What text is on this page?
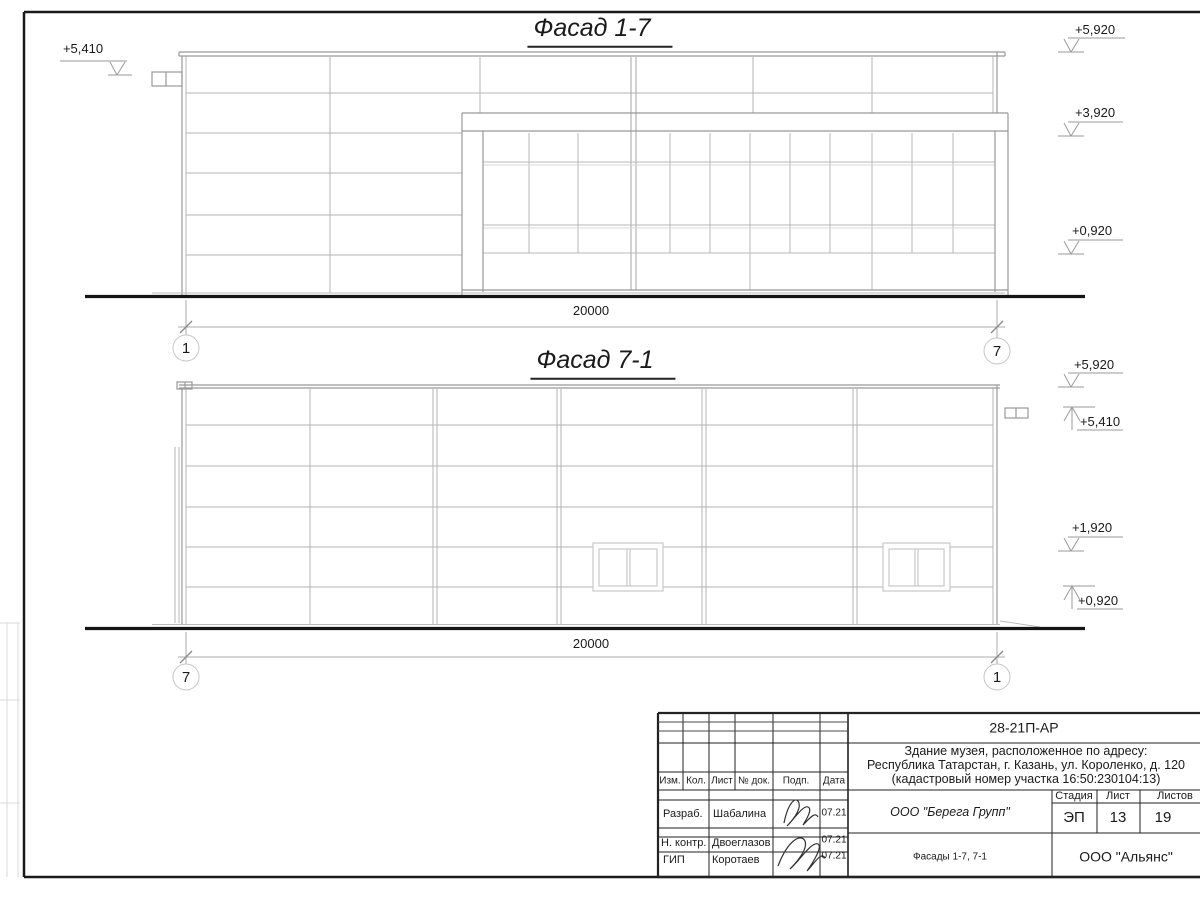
Фасад 1-7
Фасад 7-1
20000
20000
1	7
7	1
+5,410
+5,920
+3,920
+0,920
+5,920
+5,410
+1,920
+0,920
28-21П-АР
Здание музея, расположенное по адресу:
Республика Татарстан, г. Казань, ул. Короленко, д. 120
(кадастровый номер участка 16:50:230104:13)
Изм. Кол. Лист № док. Подп. Дата
Разраб. Шабалина	07.21
Н. контр. Двоеглазов	07.21
ГИП Коротаев	07.21
ООО "Берега Групп"
Стадия Лист Листов
ЭП 13 19
Фасады 1-7, 7-1	ООО "Альянс"
